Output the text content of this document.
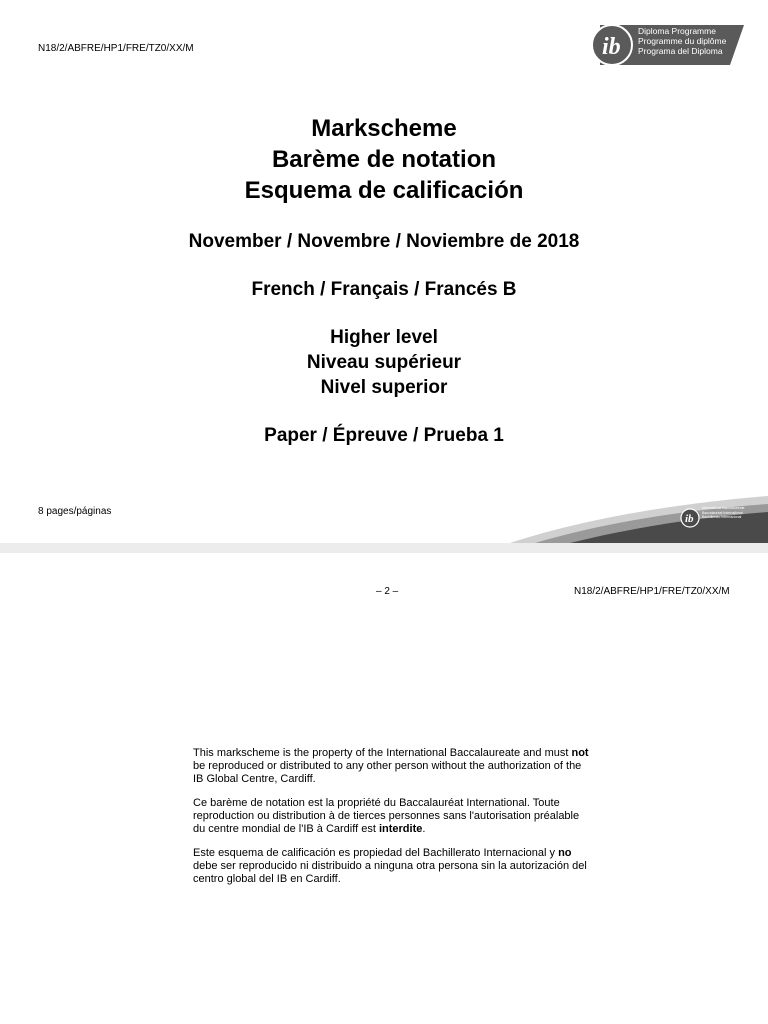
N18/2/ABFRE/HP1/FRE/TZ0/XX/M	ib
Diploma Programme
Programme du diplôme
Programa del Diploma
Markscheme
Barème de notation
Esquema de calificación
November / Novembre / Noviembre de 2018
French / Français / Francés B
Higher level
Niveau supérieur
Nivel superior
Paper / Épreuve / Prueba 1
8 pages/páginas
ib
International Baccalaureate
Baccalauréat International
Bachillerato Internacional
– 2 –	N18/2/ABFRE/HP1/FRE/TZ0/XX/M

This markscheme is the property of the International Baccalaureate and must not be reproduced or distributed to any other person without the authorization of the IB Global Centre, Cardiff.

Ce barème de notation est la propriété du Baccalauréat International. Toute reproduction ou distribution à de tierces personnes sans l'autorisation préalable du centre mondial de l'IB à Cardiff est interdite.

Este esquema de calificación es propiedad del Bachillerato Internacional y no debe ser reproducido ni distribuido a ninguna otra persona sin la autorización del centro global del IB en Cardiff.
